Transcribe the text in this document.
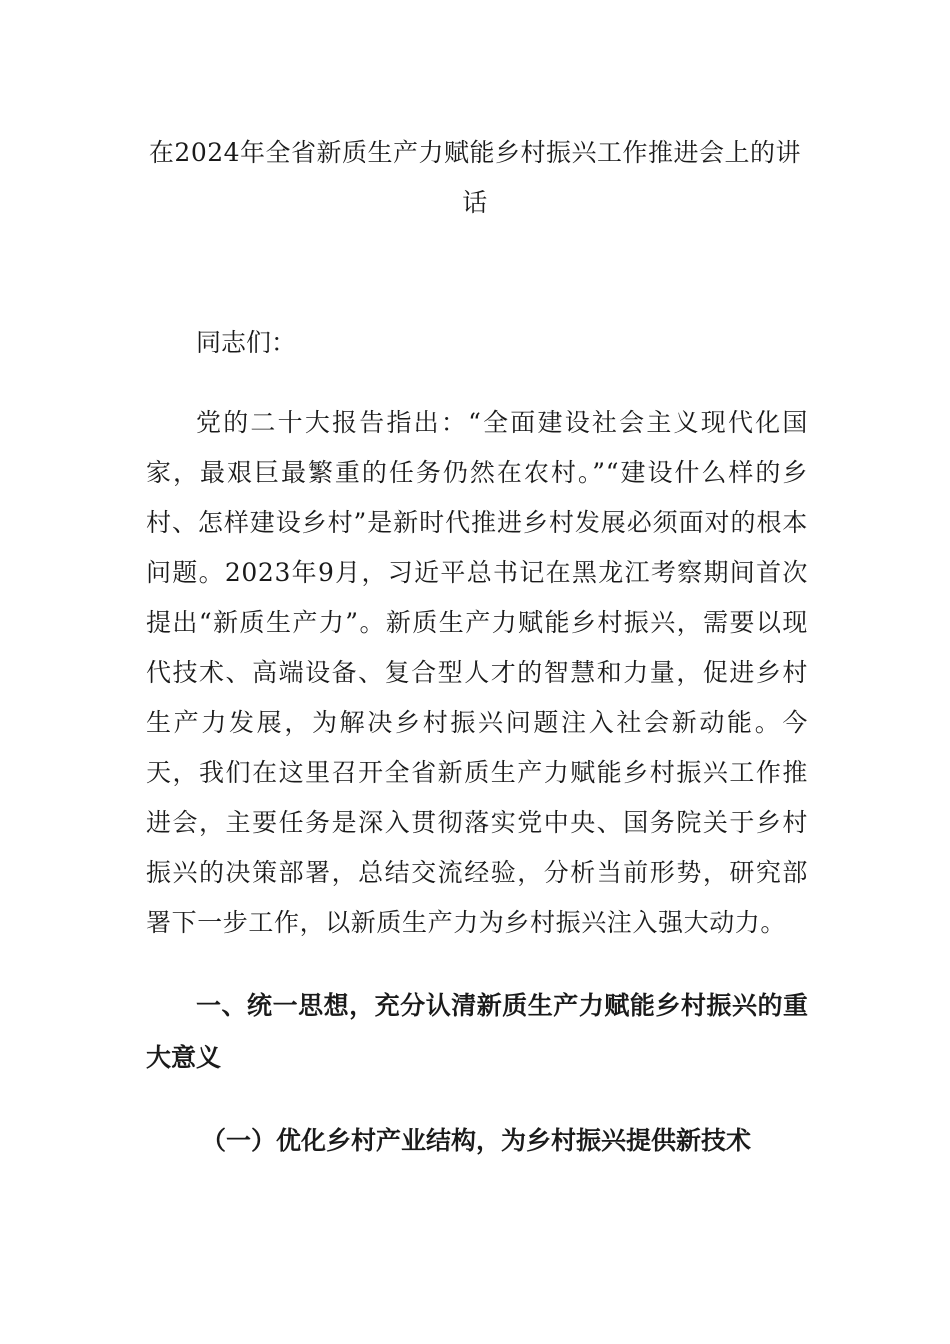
在2024年全省新质生产力赋能乡村振兴工作推进会上的讲话
同志们：
党的二十大报告指出：“全面建设社会主义现代化国家，最艰巨最繁重的任务仍然在农村。”“建设什么样的乡村、怎样建设乡村”是新时代推进乡村发展必须面对的根本问题。2023年9月，习近平总书记在黑龙江考察期间首次提出“新质生产力”。新质生产力赋能乡村振兴，需要以现代技术、高端设备、复合型人才的智慧和力量，促进乡村生产力发展，为解决乡村振兴问题注入社会新动能。今天，我们在这里召开全省新质生产力赋能乡村振兴工作推进会，主要任务是深入贯彻落实党中央、国务院关于乡村振兴的决策部署，总结交流经验，分析当前形势，研究部署下一步工作，以新质生产力为乡村振兴注入强大动力。
一、统一思想，充分认清新质生产力赋能乡村振兴的重大意义
（一）优化乡村产业结构，为乡村振兴提供新技术
